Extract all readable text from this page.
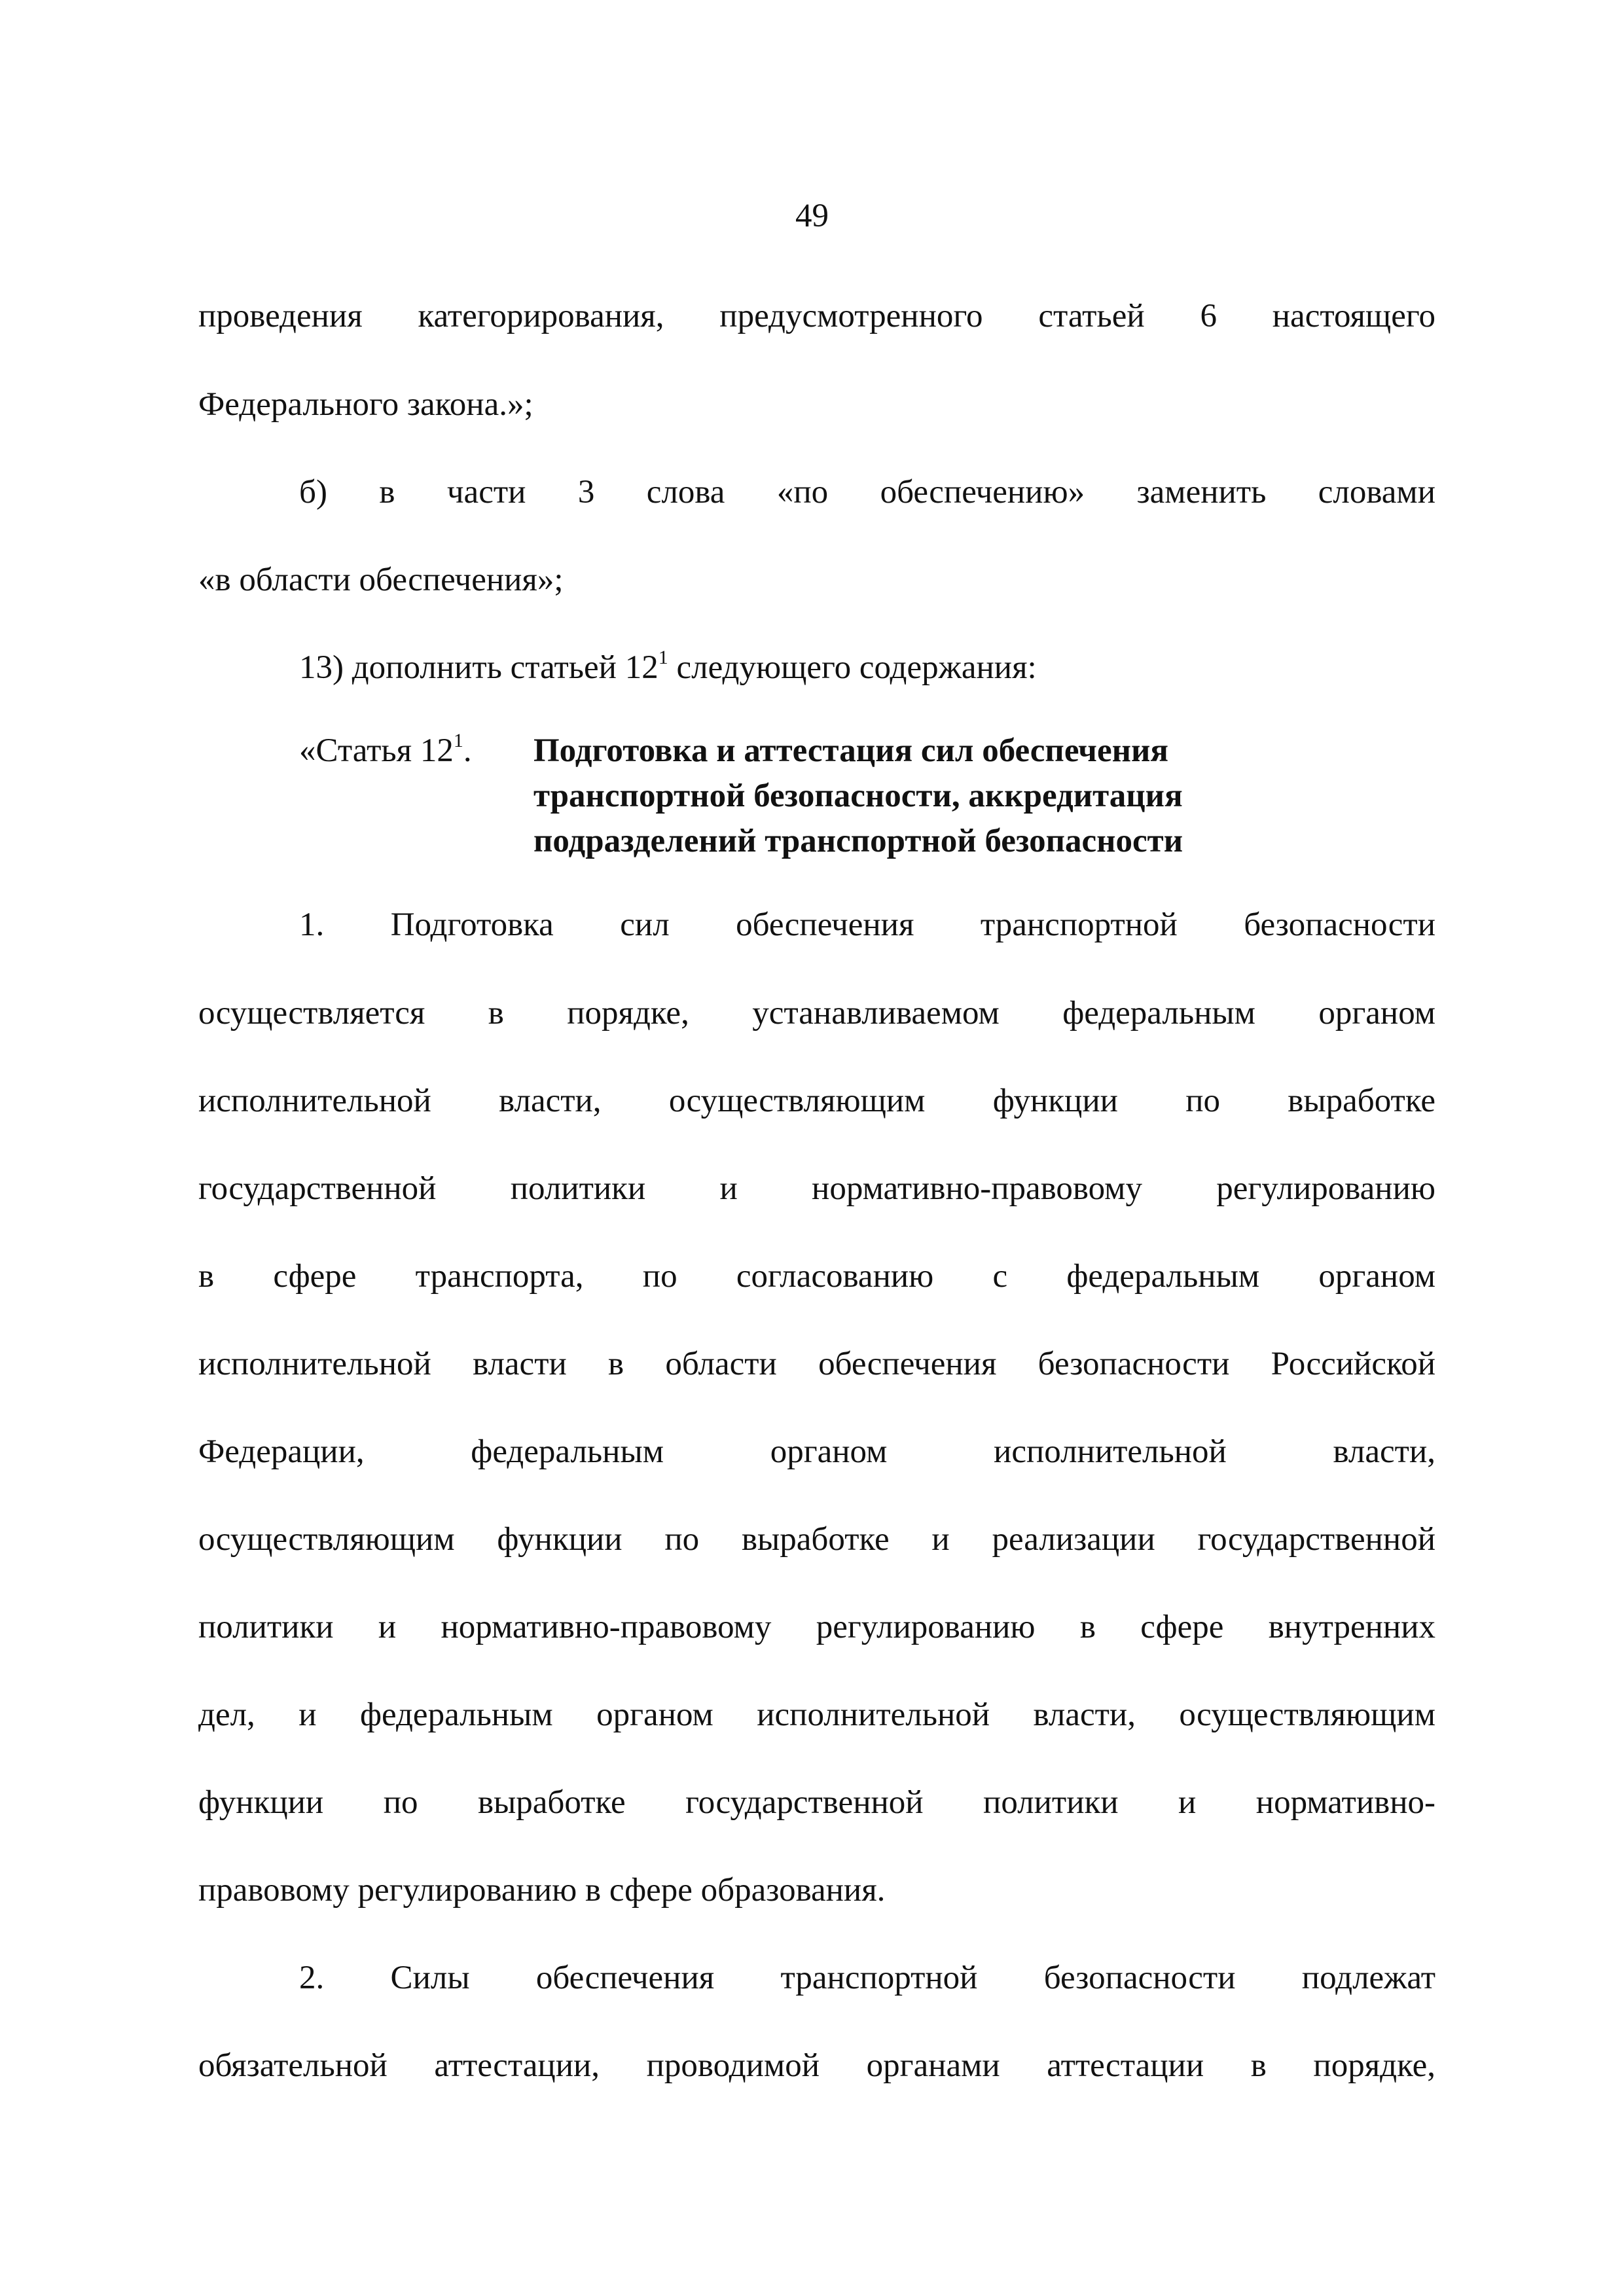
49
проведения категорирования, предусмотренного статьей 6 настоящего
Федерального закона.»;
б) в части 3 слова «по обеспечению» заменить словами
«в области обеспечения»;
13) дополнить статьей $12^1$ следующего содержания:
«Статья $12^1$. Подготовка и аттестация сил обеспечения
транспортной безопасности, аккредитация
подразделений транспортной безопасности
1. Подготовка сил обеспечения транспортной безопасности
осуществляется в порядке, устанавливаемом федеральным органом
исполнительной власти, осуществляющим функции по выработке
государственной политики и нормативно-правовому регулированию
в сфере транспорта, по согласованию с федеральным органом
исполнительной власти в области обеспечения безопасности Российской
Федерации, федеральным органом исполнительной власти,
осуществляющим функции по выработке и реализации государственной
политики и нормативно-правовому регулированию в сфере внутренних
дел, и федеральным органом исполнительной власти, осуществляющим
функции по выработке государственной политики и нормативно-
правовому регулированию в сфере образования.
2. Силы обеспечения транспортной безопасности подлежат
обязательной аттестации, проводимой органами аттестации в порядке,
